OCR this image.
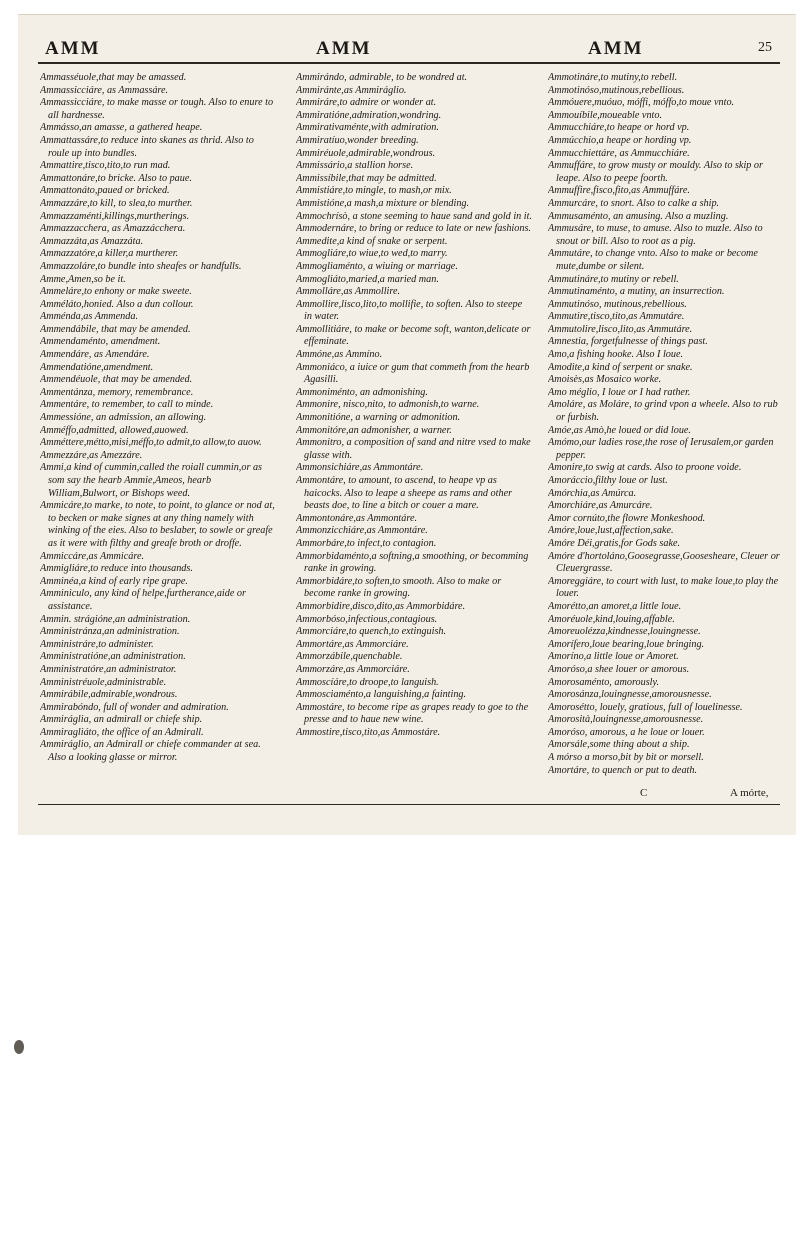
AMM	AMM	AMM	25

Ammasséuole,that may be amassed.

Ammassicciáre, as Ammassáre.

Ammassicciáre, to make masse or tough. Also to enure to all hardnesse.

Ammásso,an amasse, a gathered heape.

Ammattassáre,to reduce into skanes as thrid. Also to roule up into bundles.

Ammattire,tisco,tito,to run mad.

Ammattonáre,to bricke. Also to paue.

Ammattonáto,paued or bricked.

Ammazzáre,to kill, to slea,to murther.

Ammazzaménti,killings,murtherings.

Ammazzacchera, as Amazzácchera.

Ammazzáta,as Amazzáta.

Ammazzatóre,a killer,a murtherer.

Ammazzoláre,to bundle into sheafes or handfulls.

Amme,Amen,so be it.

Ammeláre,to enhony or make sweete.

Amméláto,honied. Also a dun collour.

Amménda,as Ammenda.

Ammendábile, that may be amended.

Ammendaménto, amendment.

Ammendáre, as Amendáre.

Ammendatióne,amendment.

Ammendéuole, that may be amended.

Ammentánza, memory, remembrance.

Ammentáre, to remember, to call to minde.

Ammessióne, an admission, an allowing.

Amméffo,admitted, allowed,auowed.

Amméttere,métto,misi,méffo,to admit,to allow,to auow.

Ammezzáre,as Amezzáre.

Ammi,a kind of cummin,called the roiall cummin,or as som say the hearb Ammie,Ameos, hearb William,Bulwort, or Bishops weed.

Ammicáre,to marke, to note, to point, to glance or nod at, to becken or make signes at any thing namely with winking of the eies. Also to beslaber, to sowle or greafe as it were with filthy and greafe broth or droffe.

Ammiccáre,as Ammicáre.

Ammigliáre,to reduce into thousands.

Amminéa,a kind of early ripe grape.

Amminiculo, any kind of helpe,furtherance,aide or assistance.

Ammin. strágióne,an administration.

Amministránza,an administration.

Amministráre,to administer.

Amministratióne,an administration.

Amministratóre,an administrator.

Amministréuole,administrable.

Ammirábile,admirable,wondrous.

Ammirabóndo, full of wonder and admiration.

Ammiráglia, an admirall or chiefe ship.

Ammiragliáto, the office of an Admirall.

Ammiráglio, an Admirall or chiefe commander at sea. Also a looking glasse or mirror.

Ammirándo, admirable, to be wondred at.

Ammiránte,as Ammiráglio.

Ammiráre,to admire or wonder at.

Ammiratióne,admiration,wondring.

Ammirativaménte,with admiration.

Ammiratíuo,wonder breeding.

Ammiréuole,admirable,wondrous.

Ammissário,a stallion horse.

Ammissíbile,that may be admitted.

Ammistiáre,to mingle, to mash,or mix.

Ammistióne,a mash,a mixture or blending.

Ammochrísò, a stone seeming to haue sand and gold in it.

Ammodernáre, to bring or reduce to late or new fashions.

Ammedite,a kind of snake or serpent.

Ammogliáre,to wiue,to wed,to marry.

Ammogliaménto, a wiuing or marriage.

Ammogliáto,maried,a maried man.

Ammolláre,as Ammollire.

Ammollire,lisco,lito,to mollifie, to soften. Also to steepe in water.

Ammollitiáre, to make or become soft, wanton,delicate or effeminate.

Ammóne,as Ammíno.

Ammoniáco, a iuice or gum that commeth from the hearb Agasilli.

Ammoniménto, an admonishing.

Ammonire, nisco,nito, to admonish,to warne.

Ammonitióne, a warning or admonition.

Ammonitóre,an admonisher, a warner.

Ammonitro, a composition of sand and nitre vsed to make glasse with.

Ammonsichiáre,as Ammontáre.

Ammontáre, to amount, to ascend, to heape vp as haicocks. Also to leape a sheepe as rams and other beasts doe, to line a bitch or couer a mare.

Ammontonáre,as Ammontáre.

Ammonzicchiáre,as Ammontáre.

Ammorbáre,to infect,to contagion.

Ammorbidaménto,a softning,a smoothing, or becomming ranke in growing.

Ammorbidáre,to soften,to smooth. Also to make or become ranke in growing.

Ammorbidire,disco,dito,as Ammorbidáre.

Ammorbóso,infectious,contagious.

Ammorciáre,to quench,to extinguish.

Ammortáre,as Ammorciáre.

Ammorzábile,quenchable.

Ammorzáre,as Ammorciáre.

Ammoscíáre,to droope,to languish.

Ammosciaménto,a languishing,a fainting.

Ammostáre, to become ripe as grapes ready to goe to the presse and to haue new wine.

Ammostire,tisco,tito,as Ammostáre.

Ammotináre,to mutiny,to rebell.

Ammotinóso,mutinous,rebellious.

Ammóuere,muóuo, móffi, móffo,to moue vnto.

Ammouíbile,moueable vnto.

Ammucchiáre,to heape or hord vp.

Ammúcchio,a heape or hording vp.

Ammucchiettáre, as Ammucchiáre.

Ammuffáre, to grow musty or mouldy. Also to skip or leape. Also to peepe foorth.

Ammuffire,fisco,fito,as Ammuffáre.

Ammurcáre, to snort. Also to calke a ship.

Ammusaménto, an amusing. Also a muzling.

Ammusáre, to muse, to amuse. Also to muzle. Also to snout or bill. Also to root as a pig.

Ammutáre, to change vnto. Also to make or become mute,dumbe or silent.

Ammutináre,to mutiny or rebell.

Ammutinaménto, a mutiny, an insurrection.

Ammutinóso, mutinous,rebellious.

Ammutire,tisco,tito,as Ammutáre.

Ammutolire,lisco,lito,as Ammutáre.

Amnestia, forgetfulnesse of things past.

Amo,a fishing hooke. Also I loue.

Amodite,a kind of serpent or snake.

Amoisès,as Mosaico worke.

Amo méglio, I loue or I had rather.

Amoláre, as Moláre, to grind vpon a wheele. Also to rub or furbish.

Amóe,as Amò,he loued or did loue.

Amómo,our ladies rose,the rose of Ierusalem,or garden pepper.

Amonire,to swig at cards. Also to proone voide.

Amoráccio,filthy loue or lust.

Amórchia,as Amúrca.

Amorchiáre,as Amurcáre.

Amor cornúto,the flowre Monkeshood.

Amóre,loue,lust,affection,sake.

Amóre Déi,gratis,for Gods sake.

Amóre d'hortoláno,Goosegrasse,Goosesheare, Cleuer or Cleuergrasse.

Amoreggiáre, to court with lust, to make loue,to play the louer.

Amorétto,an amoret,a little loue.

Amoréuole,kind,louing,affable.

Amoreuolézza,kindnesse,louingnesse.

Amorífero,loue bearing,loue bringing.

Amoríno,a little loue or Amoret.

Amoróso,a shee louer or amorous.

Amorosaménto, amorously.

Amorosánza,louingnesse,amorousnesse.

Amorosétto, louely, gratious, full of louelinesse.

Amorosità,louingnesse,amorousnesse.

Amoróso, amorous, a he loue or louer.

Amorsále,some thing about a ship.

A mórso a morso,bit by bit or morsell.

Amortáre, to quench or put to death.

C	A mórte,
